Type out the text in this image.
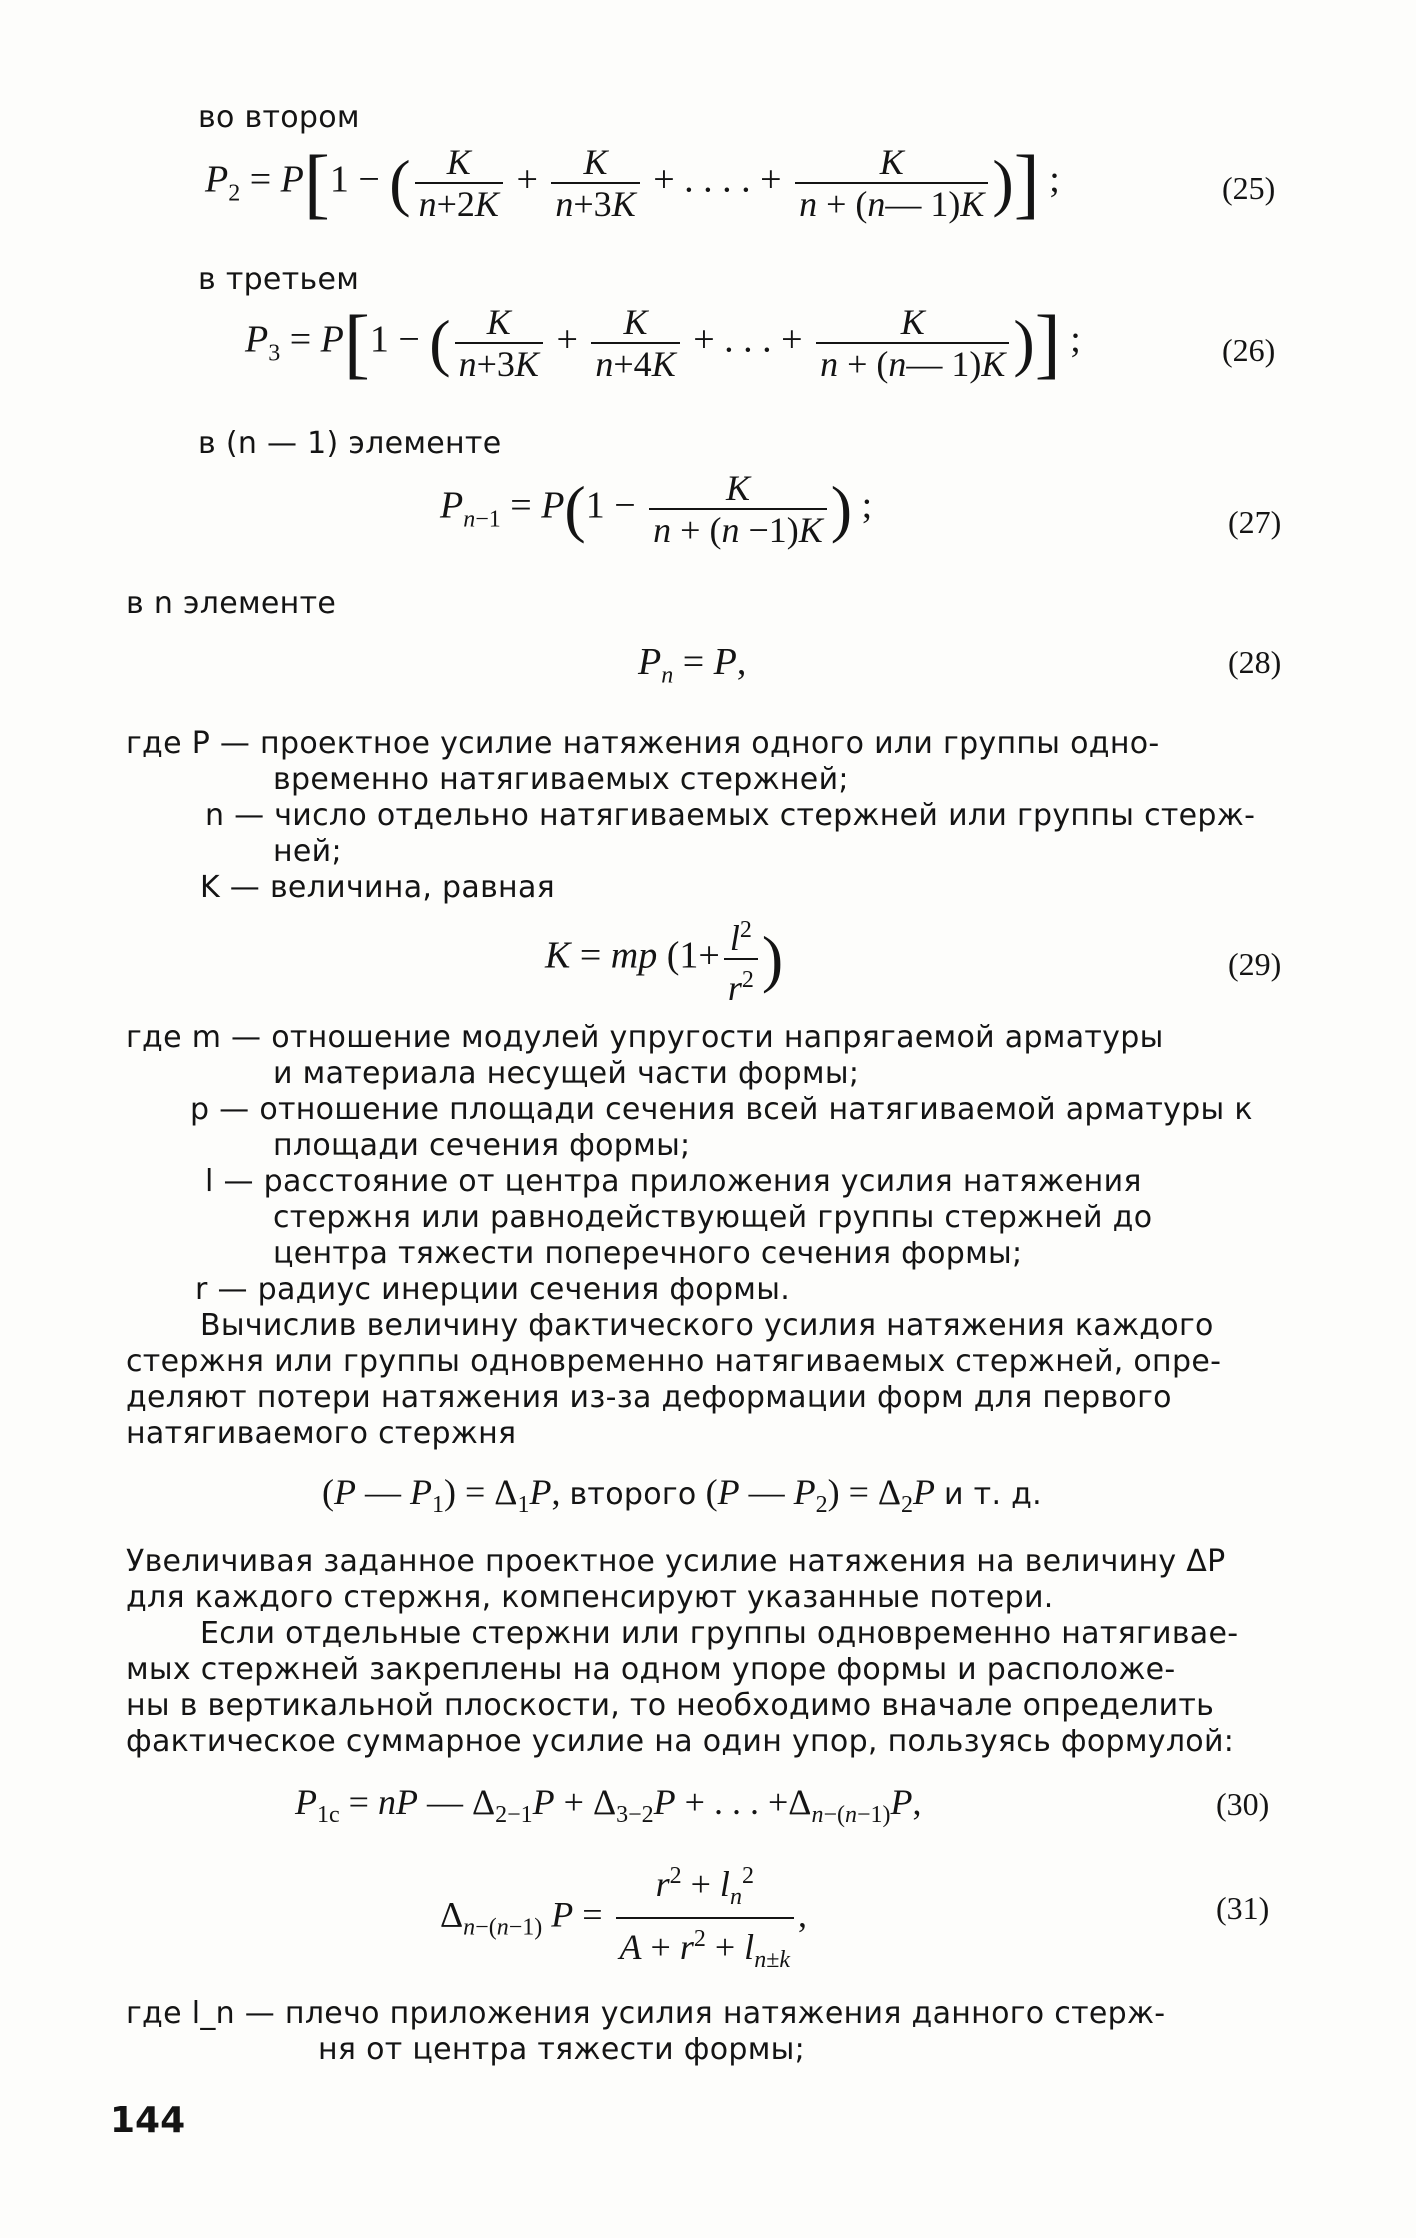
во втором
$P_2 = P[1$ − ( $\frac{K}{n+2K} + \frac{K}{n+3K}$ + . . . . + $\frac{K}{n + (n— 1)K}$ )] ;	(25)
в третьем
$P_3 = P[1$ − ( $\frac{K}{n+3K} + \frac{K}{n+4K}$ + . . . + $\frac{K}{n + (n— 1)K}$ )] ;	(26)
в (n — 1) элементе
$P_{n-1} = P(1 - \frac{K}{n + (n -1)K}$ ) ;	(27)
в n элементе
$P_n = P$,	(28)
где P — проектное усилие натяжения одного или группы одно-
временно натягиваемых стержней;
n — число отдельно натягиваемых стержней или группы стерж-
ней;
K — величина, равная
K = mp ($1+ \frac{l^2}{r^2}$ )	(29)
где m — отношение модулей упругости напрягаемой арматуры
и материала несущей части формы;
p — отношение площади сечения всей натягиваемой арматуры к
площади сечения формы;
l — расстояние от центра приложения усилия натяжения
стержня или равнодействующей группы стержней до
центра тяжести поперечного сечения формы;
r — радиус инерции сечения формы.
Вычислив величину фактического усилия натяжения каждого
стержня или группы одновременно натягиваемых стержней, опре-
деляют потери натяжения из-за деформации форм для первого
натягиваемого стержня
(P — $P_1) = \Delta_1P$, второго (P — $P_2) = \Delta_2P$ и т. д.
Увеличивая заданное проектное усилие натяжения на величину ΔP
для каждого стержня, компенсируют указанные потери.
Если отдельные стержни или группы одновременно натягивае-
мых стержней закреплены на одном упоре формы и расположе-
ны в вертикальной плоскости, то необходимо вначале определить
фактическое суммарное усилие на один упор, пользуясь формулой:
$P_{1c}$ = nP — $\Delta_{2-1}P + \Delta_{3-2}P$ + . . . $+\Delta_{n-(n-1)}P$,	(30)
$\Delta_{n-(n-1)}$ $P = \frac{r^2 + l_n^2}{A + r^2 + l_{n\pm k}}$ ,	(31)
где l_n — плечо приложения усилия натяжения данного стерж-
ня от центра тяжести формы;
144
